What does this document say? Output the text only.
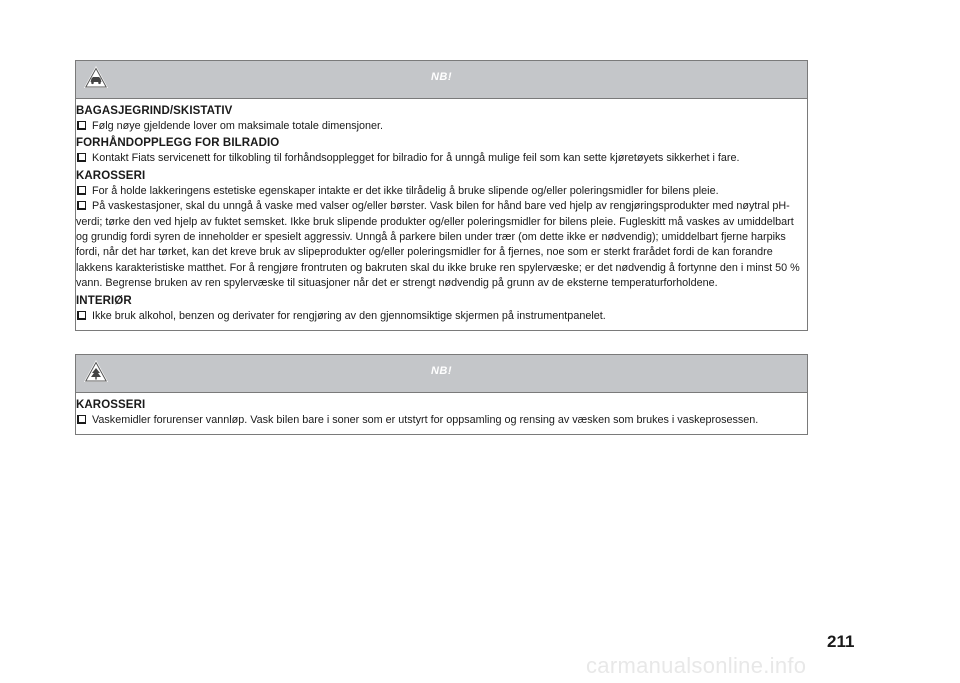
NB!
BAGASJEGRIND/SKISTATIV

Følg nøye gjeldende lover om maksimale totale dimensjoner.

FORHÅNDOPPLEGG FOR BILRADIO

Kontakt Fiats servicenett for tilkobling til forhåndsopplegget for bilradio for å unngå mulige feil som kan sette kjøretøyets sikkerhet i fare.

KAROSSERI

For å holde lakkeringens estetiske egenskaper intakte er det ikke tilrådelig å bruke slipende og/eller poleringsmidler for bilens pleie.

På vaskestasjoner, skal du unngå å vaske med valser og/eller børster. Vask bilen for hånd bare ved hjelp av rengjøringsprodukter med nøytral pH-verdi; tørke den ved hjelp av fuktet semsket. Ikke bruk slipende produkter og/eller poleringsmidler for bilens pleie. Fugleskitt må vaskes av umiddelbart og grundig fordi syren de inneholder er spesielt aggressiv. Unngå å parkere bilen under trær (om dette ikke er nødvendig); umiddelbart fjerne harpiks fordi, når det har tørket, kan det kreve bruk av slipeprodukter og/eller poleringsmidler for å fjernes, noe som er sterkt frarådet fordi de kan forandre lakkens karakteristiske matthet. For å rengjøre frontruten og bakruten skal du ikke bruke ren spylervæske; er det nødvendig å fortynne den i minst 50 % vann. Begrense bruken av ren spylervæske til situasjoner når det er strengt nødvendig på grunn av de eksterne temperaturforholdene.

INTERIØR

Ikke bruk alkohol, benzen og derivater for rengjøring av den gjennomsiktige skjermen på instrumentpanelet.

NB!
KAROSSERI

Vaskemidler forurenser vannløp. Vask bilen bare i soner som er utstyrt for oppsamling og rensing av væsken som brukes i vaskeprosessen.

211
carmanualsonline.info
